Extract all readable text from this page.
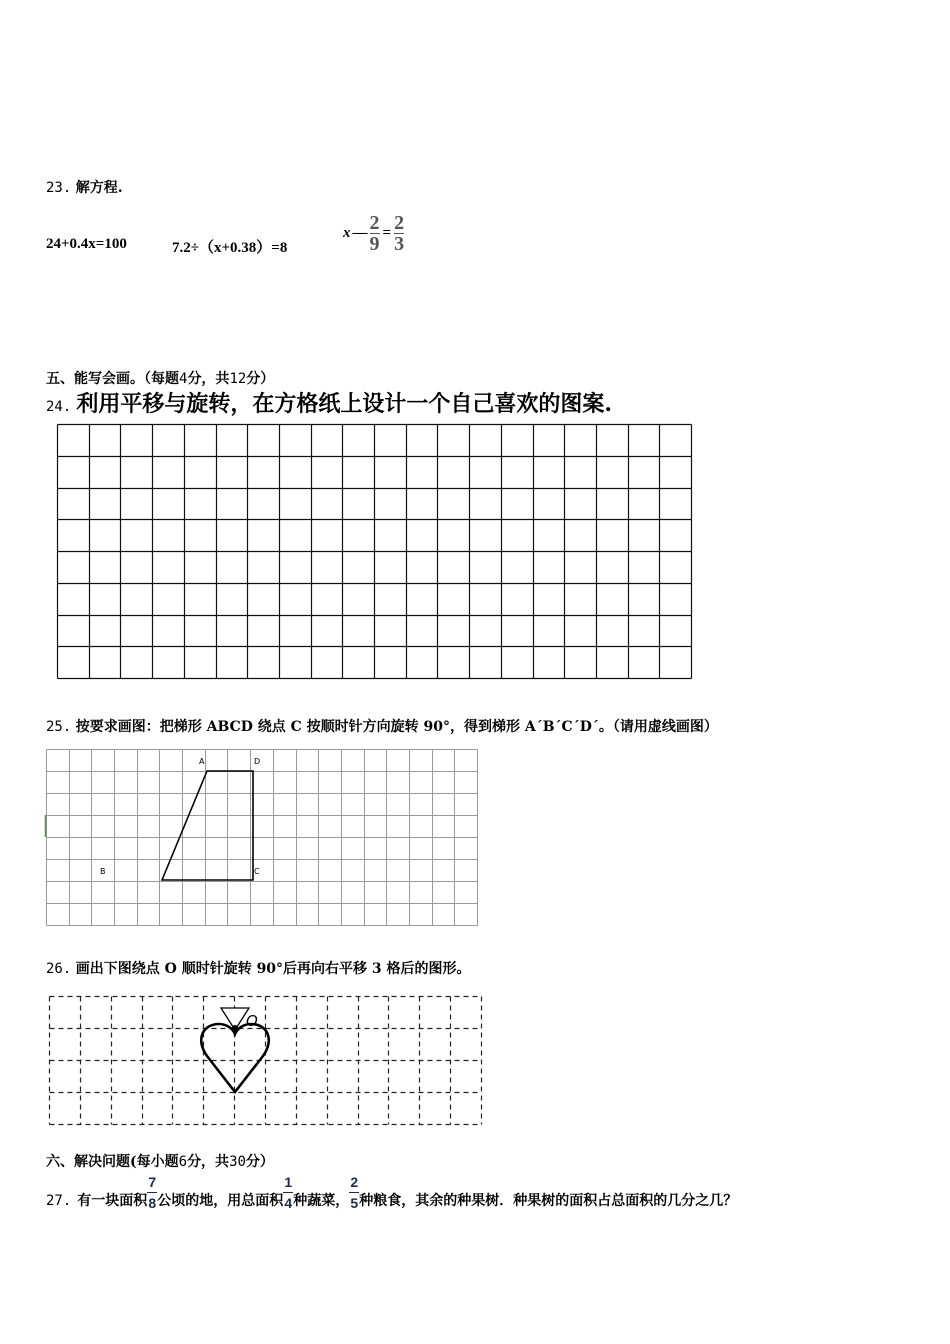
23. 解方程.
24+0.4x=100	7.2÷（x+0.38）=8
x — $\frac{2}{9} = \frac{2}{3}$
五、能写会画。（每题4分，共12分）
24. 利用平移与旋转，在方格纸上设计一个自己喜欢的图案.
25. 按要求画图：把梯形 ABCD 绕点 C 按顺时针方向旋转 90°，得到梯形 A´B´C´D´。（请用虚线画图）
A	D
B	C
26. 画出下图绕点 O 顺时针旋转 90°后再向右平移 3 格后的图形。
O
六、解决问题(每小题6分，共30分）
27. 有一块面积 $\frac{7}{8}$ 公顷的地，用总面积 $\frac{1}{4}$ 种蔬菜， $\frac{2}{5}$ 种粮食，其余的种果树．种果树的面积占总面积的几分之几？
